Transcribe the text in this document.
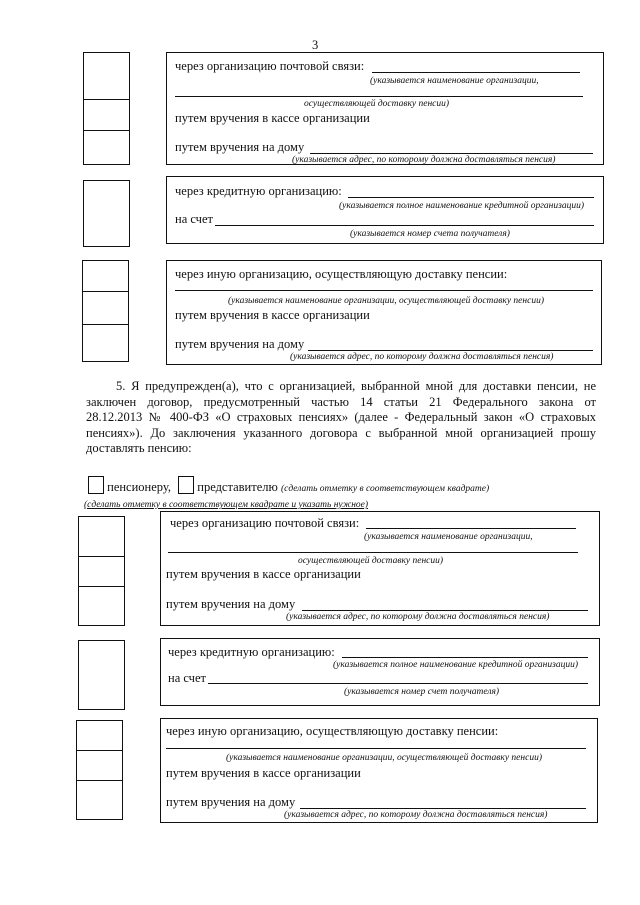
3
через организацию почтовой связи:
(указывается наименование организации,
осуществляющей доставку пенсии)
путем вручения в кассе организации
путем вручения на дому
(указывается адрес, по которому должна доставляться пенсия)
через кредитную организацию:
(указывается полное наименование кредитной организации)
на счет
(указывается номер счета получателя)
через иную организацию, осуществляющую доставку пенсии:
(указывается наименование организации, осуществляющей доставку пенсии)
путем вручения в кассе организации
путем вручения на дому
(указывается адрес, по которому должна доставляться пенсия)
5. Я предупрежден(а), что с организацией, выбранной мной для доставки пенсии, не
заключен договор, предусмотренный частью 14 статьи 21 Федерального закона от
28.12.2013 № 400-ФЗ «О страховых пенсиях» (далее - Федеральный закон «О страховых
пенсиях»). До заключения указанного договора с выбранной мной организацией прошу
доставлять пенсию:
пенсионеру, представителю (сделать отметку в соответствующем квадрате)
(сделать отметку в соответствующем квадрате и указать нужное)
через организацию почтовой связи:
(указывается наименование организации,
осуществляющей доставку пенсии)
путем вручения в кассе организации
путем вручения на дому
(указывается адрес, по которому должна доставляться пенсия)
через кредитную организацию:
(указывается полное наименование кредитной организации)
на счет
(указывается номер счет получателя)
через иную организацию, осуществляющую доставку пенсии:
(указывается наименование организации, осуществляющей доставку пенсии)
путем вручения в кассе организации
путем вручения на дому
(указывается адрес, по которому должна доставляться пенсия)
